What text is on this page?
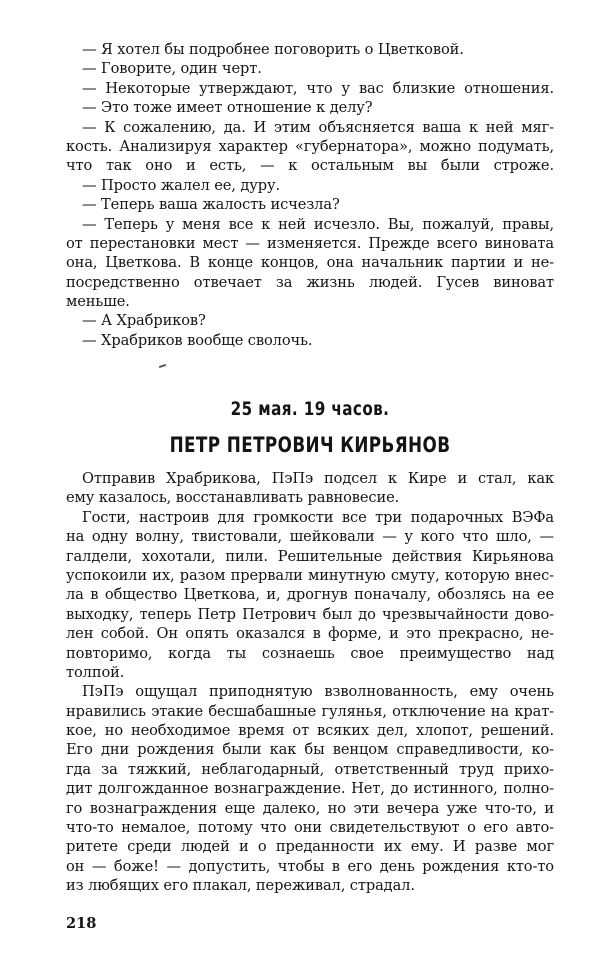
— Я хотел бы подробнее поговорить о Цветковой.
— Говорите, один черт.
— Некоторые утверждают, что у вас близкие отношения.
— Это тоже имеет отношение к делу?
— К сожалению, да. И этим объясняется ваша к ней мяг-
кость. Анализируя характер «губернатора», можно подумать,
что так оно и есть, — к остальным вы были строже.
— Просто жалел ее, дуру.
— Теперь ваша жалость исчезла?
— Теперь у меня все к ней исчезло. Вы, пожалуй, правы,
от перестановки мест — изменяется. Прежде всего виновата
она, Цветкова. В конце концов, она начальник партии и не-
посредственно отвечает за жизнь людей. Гусев виноват
меньше.
— А Храбриков?
— Храбриков вообще сволочь.
25 мая. 19 часов.
ПЕТР ПЕТРОВИЧ КИРЬЯНОВ
Отправив Храбрикова, ПэПэ подсел к Кире и стал, как
ему казалось, восстанавливать равновесие.
Гости, настроив для громкости все три подарочных ВЭФа
на одну волну, твистовали, шейковали — у кого что шло, —
галдели, хохотали, пили. Решительные действия Кирьянова
успокоили их, разом прервали минутную смуту, которую внес-
ла в общество Цветкова, и, дрогнув поначалу, обозлясь на ее
выходку, теперь Петр Петрович был до чрезвычайности дово-
лен собой. Он опять оказался в форме, и это прекрасно, не-
повторимо, когда ты сознаешь свое преимущество над
толпой.
ПэПэ ощущал приподнятую взволнованность, ему очень
нравились этакие бесшабашные гулянья, отключение на крат-
кое, но необходимое время от всяких дел, хлопот, решений.
Его дни рождения были как бы венцом справедливости, ко-
гда за тяжкий, неблагодарный, ответственный труд прихо-
дит долгожданное вознаграждение. Нет, до истинного, полно-
го вознаграждения еще далеко, но эти вечера уже что-то, и
что-то немалое, потому что они свидетельствуют о его авто-
ритете среди людей и о преданности их ему. И разве мог
он — боже! — допустить, чтобы в его день рождения кто-то
из любящих его плакал, переживал, страдал.
218
